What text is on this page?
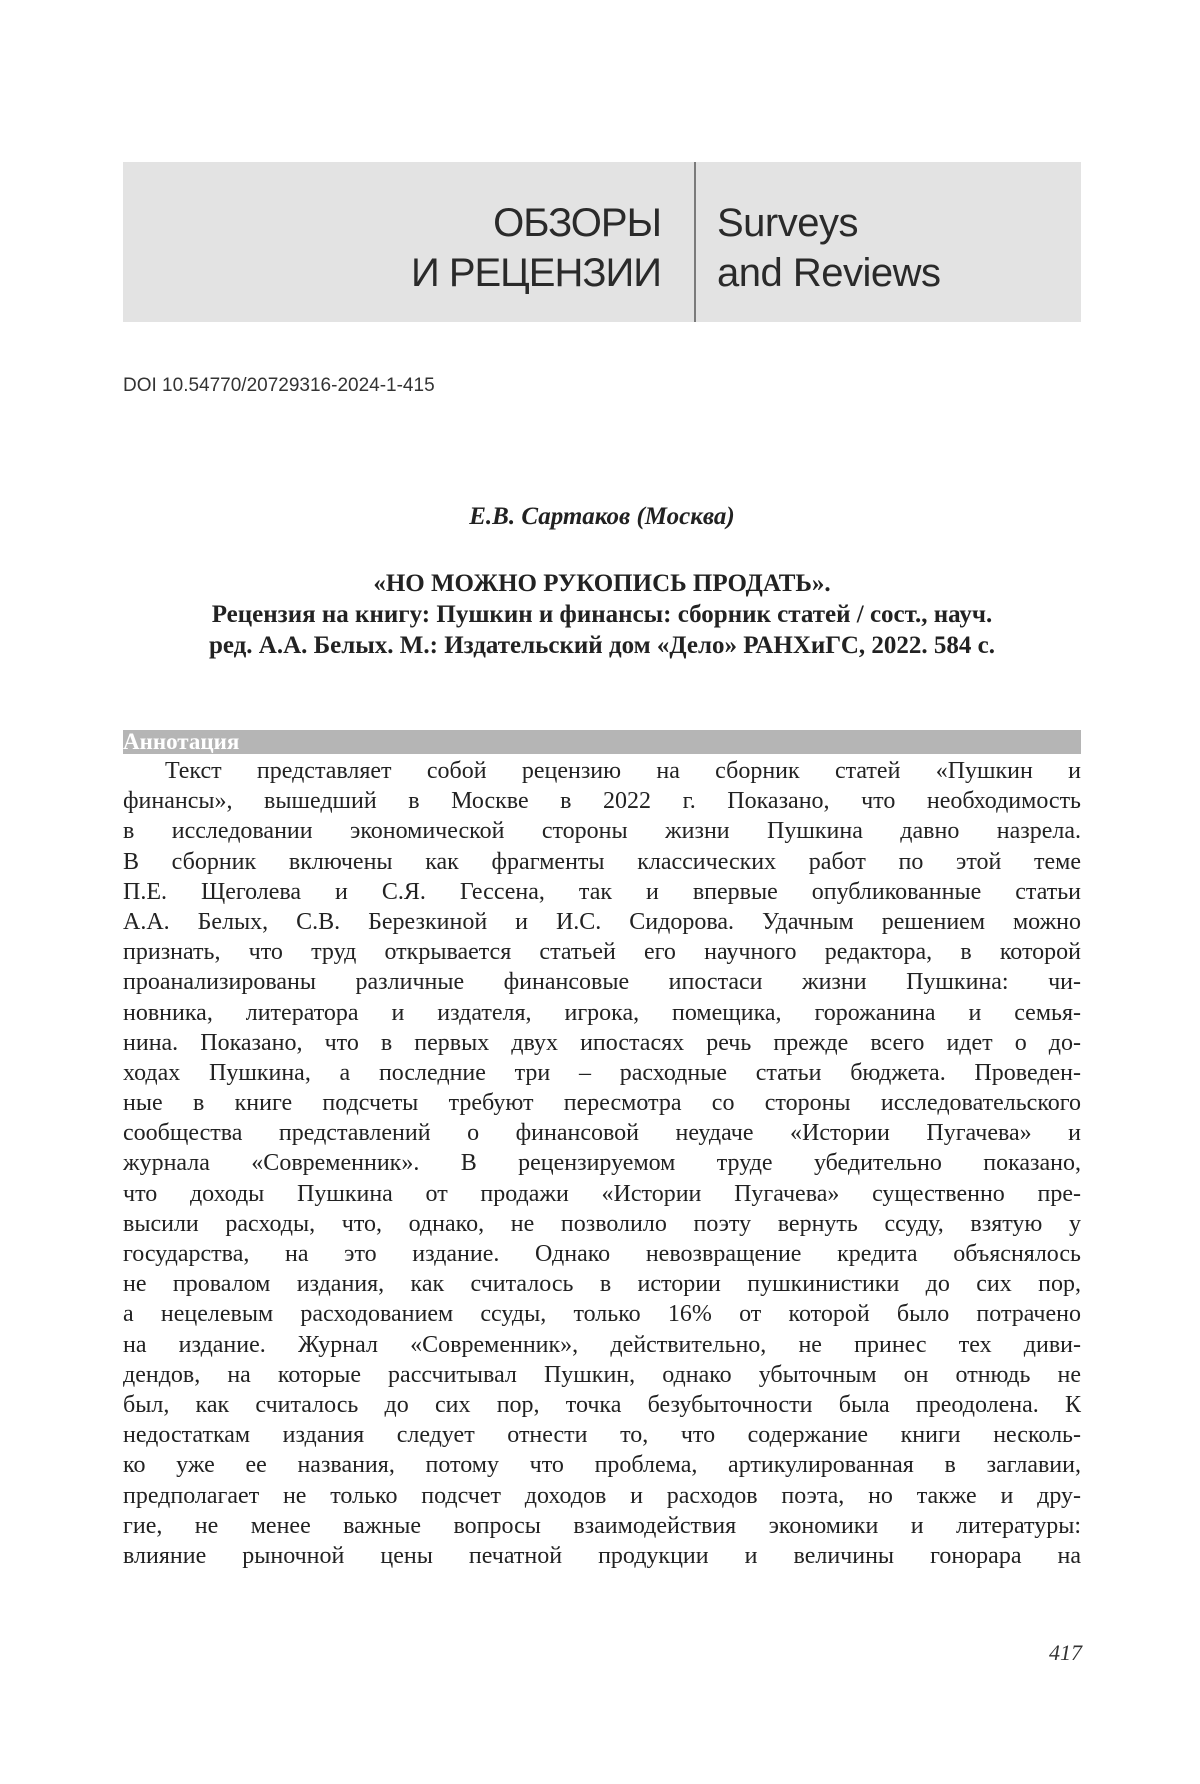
ОБЗОРЫ
И РЕЦЕНЗИИ
Surveys
and Reviews
DOI 10.54770/20729316-2024-1-415
Е.В. Сартаков (Москва)
«НО МОЖНО РУКОПИСЬ ПРОДАТЬ».
Рецензия на книгу: Пушкин и финансы: сборник статей / сост., науч.
ред. А.А. Белых. М.: Издательский дом «Дело» РАНХиГС, 2022. 584 с.
Аннотация
Текст представляет собой рецензию на сборник статей «Пушкин и
финансы», вышедший в Москве в 2022 г. Показано, что необходимость
в исследовании экономической стороны жизни Пушкина давно назрела.
В сборник включены как фрагменты классических работ по этой теме
П.Е. Щеголева и С.Я. Гессена, так и впервые опубликованные статьи
А.А. Белых, С.В. Березкиной и И.С. Сидорова. Удачным решением можно
признать, что труд открывается статьей его научного редактора, в которой
проанализированы различные финансовые ипостаси жизни Пушкина: чи-
новника, литератора и издателя, игрока, помещика, горожанина и семья-
нина. Показано, что в первых двух ипостасях речь прежде всего идет о до-
ходах Пушкина, а последние три – расходные статьи бюджета. Проведен-
ные в книге подсчеты требуют пересмотра со стороны исследовательского
сообщества представлений о финансовой неудаче «Истории Пугачева» и
журнала «Современник». В рецензируемом труде убедительно показано,
что доходы Пушкина от продажи «Истории Пугачева» существенно пре-
высили расходы, что, однако, не позволило поэту вернуть ссуду, взятую у
государства, на это издание. Однако невозвращение кредита объяснялось
не провалом издания, как считалось в истории пушкинистики до сих пор,
а нецелевым расходованием ссуды, только 16% от которой было потрачено
на издание. Журнал «Современник», действительно, не принес тех диви-
дендов, на которые рассчитывал Пушкин, однако убыточным он отнюдь не
был, как считалось до сих пор, точка безубыточности была преодолена. К
недостаткам издания следует отнести то, что содержание книги несколь-
ко уже ее названия, потому что проблема, артикулированная в заглавии,
предполагает не только подсчет доходов и расходов поэта, но также и дру-
гие, не менее важные вопросы взаимодействия экономики и литературы:
влияние рыночной цены печатной продукции и величины гонорара на
417
